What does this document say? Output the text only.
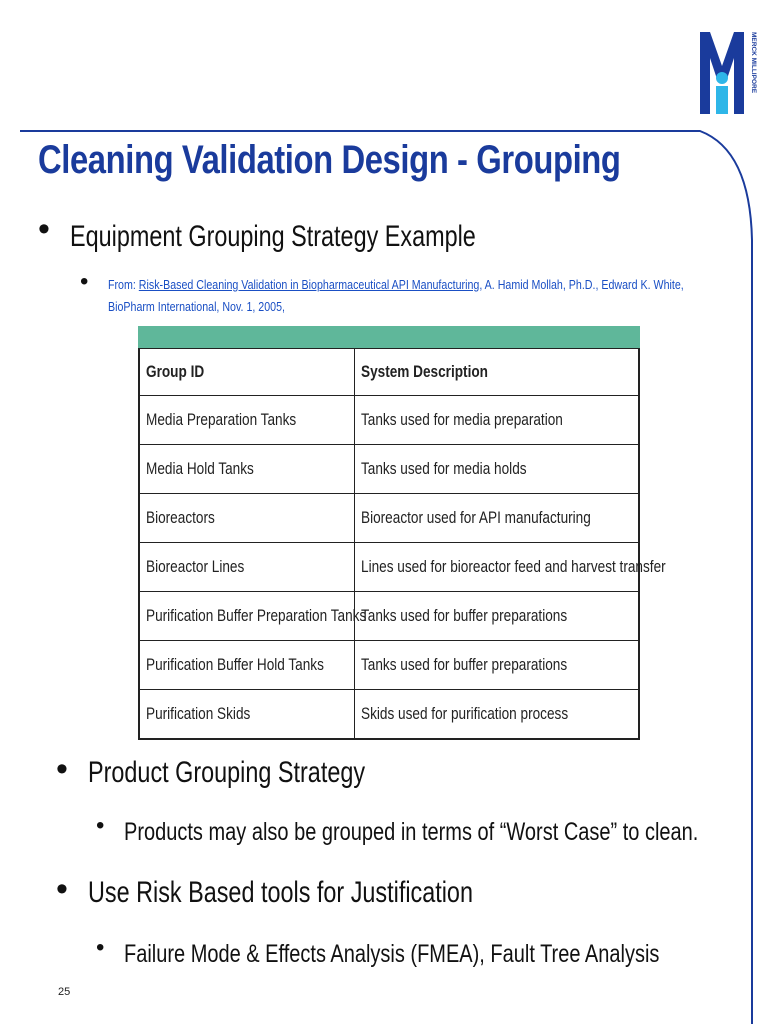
MERCK MILLIPORE
Cleaning Validation Design - Grouping
• Equipment Grouping Strategy Example
• From: Risk-Based Cleaning Validation in Biopharmaceutical API Manufacturing, A. Hamid Mollah, Ph.D., Edward K. White, BioPharm International, Nov. 1, 2005,
Group ID	System Description
Media Preparation Tanks	Tanks used for media preparation
Media Hold Tanks	Tanks used for media holds
Bioreactors	Bioreactor used for API manufacturing
Bioreactor Lines	Lines used for bioreactor feed and harvest transfer
Purification Buffer Preparation Tanks	Tanks used for buffer preparations
Purification Buffer Hold Tanks	Tanks used for buffer preparations
Purification Skids	Skids used for purification process
• Product Grouping Strategy
• Products may also be grouped in terms of “Worst Case” to clean.
• Use Risk Based tools for Justification
• Failure Mode & Effects Analysis (FMEA), Fault Tree Analysis
25
